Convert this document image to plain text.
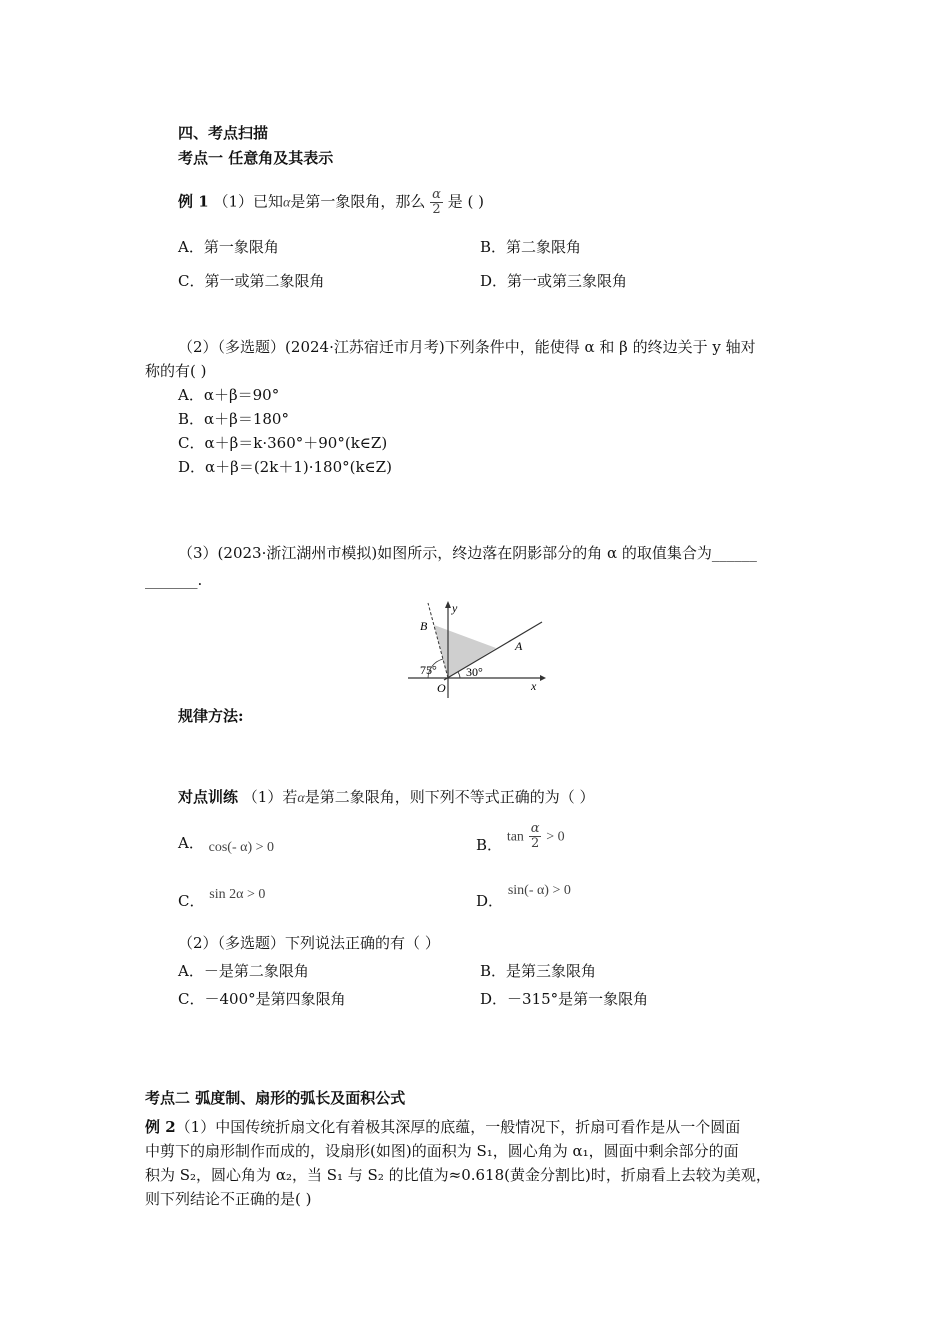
四、考点扫描
考点一 任意角及其表示
例 1 （1）已知α是第一象限角，那么 $\frac{\alpha}{2}$ 是 ( )
A．第一象限角	B．第二象限角
C．第一或第二象限角	D．第一或第三象限角
（2）（多选题）(2024·江苏宿迁市月考)下列条件中，能使得 α 和 β 的终边关于 y 轴对
称的有( )
A．α＋β＝90°
B．α＋β＝180°
C．α＋β＝k·360°＋90°(k∈Z)
D．α＋β＝(2k＋1)·180°(k∈Z)
（3）(2023·浙江湖州市模拟)如图所示，终边落在阴影部分的角 α 的取值集合为______
_______.
y
x
B
A
O
75° 30°
规律方法:
对点训练 （1）若α是第二象限角，则下列不等式正确的为（ ）
A． cos(- α) > 0	B． $\tan \frac{\alpha}{2} > 0$
C． sin 2α > 0	D． sin(- α) > 0
（2）（多选题）下列说法正确的有（ ）
A．－是第二象限角	B．是第三象限角
C．－400°是第四象限角	D．－315°是第一象限角
考点二 弧度制、扇形的弧长及面积公式
例 2（1）中国传统折扇文化有着极其深厚的底蕴，一般情况下，折扇可看作是从一个圆面
中剪下的扇形制作而成的，设扇形(如图)的面积为 S₁，圆心角为 α₁，圆面中剩余部分的面
积为 S₂，圆心角为 α₂，当 S₁ 与 S₂ 的比值为≈0.618(黄金分割比)时，折扇看上去较为美观，
则下列结论不正确的是( )
